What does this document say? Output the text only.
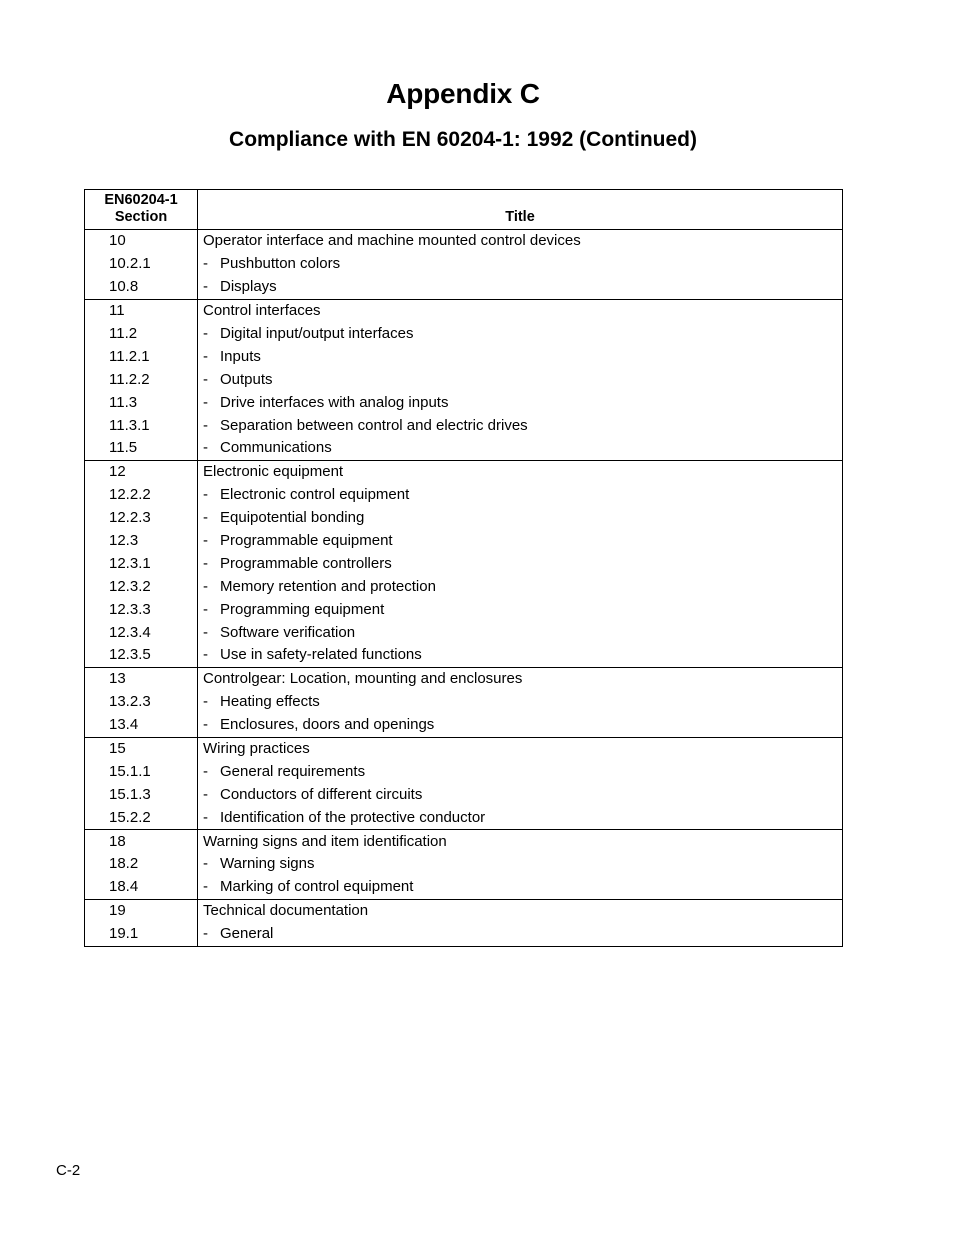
Appendix C
Compliance with EN 60204-1: 1992 (Continued)
EN60204-1
Section	Title
10	Operator interface and machine mounted control devices
10.2.1	- Pushbutton colors
10.8	- Displays
11	Control interfaces
11.2	- Digital input/output interfaces
11.2.1	- Inputs
11.2.2	- Outputs
11.3	- Drive interfaces with analog inputs
11.3.1	- Separation between control and electric drives
11.5	- Communications
12	Electronic equipment
12.2.2	- Electronic control equipment
12.2.3	- Equipotential bonding
12.3	- Programmable equipment
12.3.1	- Programmable controllers
12.3.2	- Memory retention and protection
12.3.3	- Programming equipment
12.3.4	- Software verification
12.3.5	- Use in safety-related functions
13	Controlgear: Location, mounting and enclosures
13.2.3	- Heating effects
13.4	- Enclosures, doors and openings
15	Wiring practices
15.1.1	- General requirements
15.1.3	- Conductors of different circuits
15.2.2	- Identification of the protective conductor
18	Warning signs and item identification
18.2	- Warning signs
18.4	- Marking of control equipment
19	Technical documentation
19.1	- General
C-2
